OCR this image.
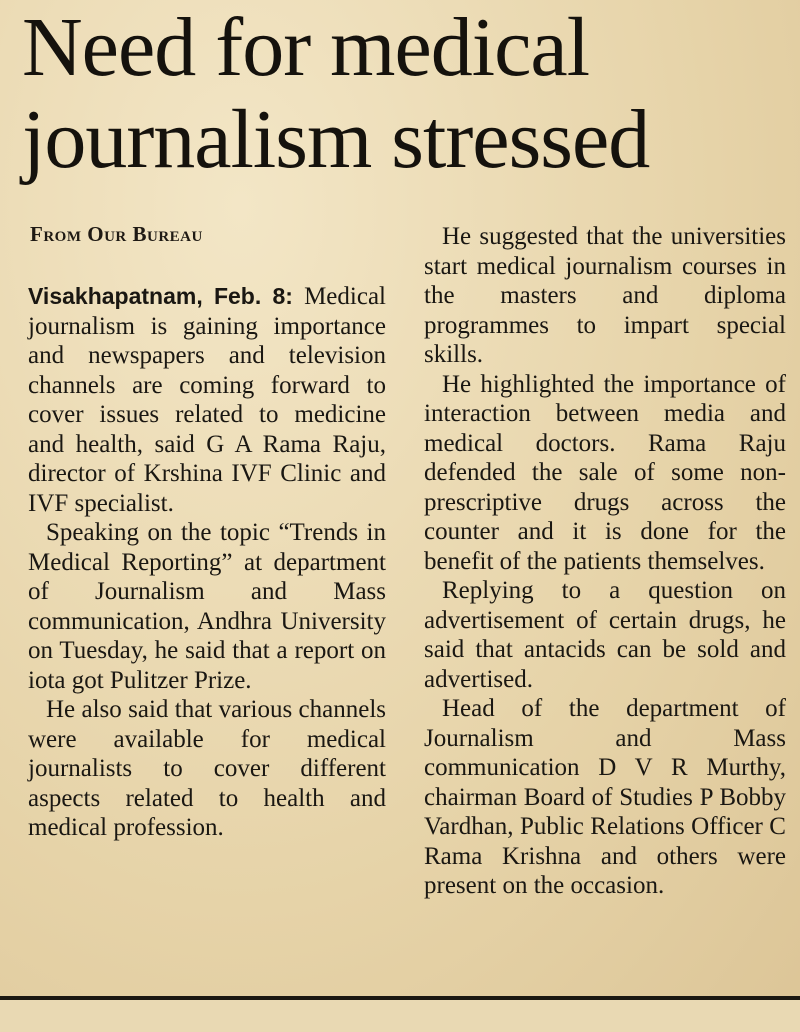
Need for medical journalism stressed
From Our Bureau

Visakhapatnam, Feb. 8: Medical journalism is gaining importance and newspapers and television channels are coming forward to cover issues related to medicine and health, said G A Rama Raju, director of Krshina IVF Clinic and IVF specialist.

Speaking on the topic “Trends in Medical Reporting” at department of Journalism and Mass communication, Andhra University on Tuesday, he said that a report on iota got Pulitzer Prize.

He also said that various channels were available for medical journalists to cover different aspects related to health and medical profession.

He suggested that the universities start medical journalism courses in the masters and diploma programmes to impart special skills.

He highlighted the importance of interaction between media and medical doctors. Rama Raju defended the sale of some non-prescriptive drugs across the counter and it is done for the benefit of the patients themselves.

Replying to a question on advertisement of certain drugs, he said that antacids can be sold and advertised.

Head of the department of Journalism and Mass communication D V R Murthy, chairman Board of Studies P Bobby Vardhan, Public Relations Officer C Rama Krishna and others were present on the occasion.
